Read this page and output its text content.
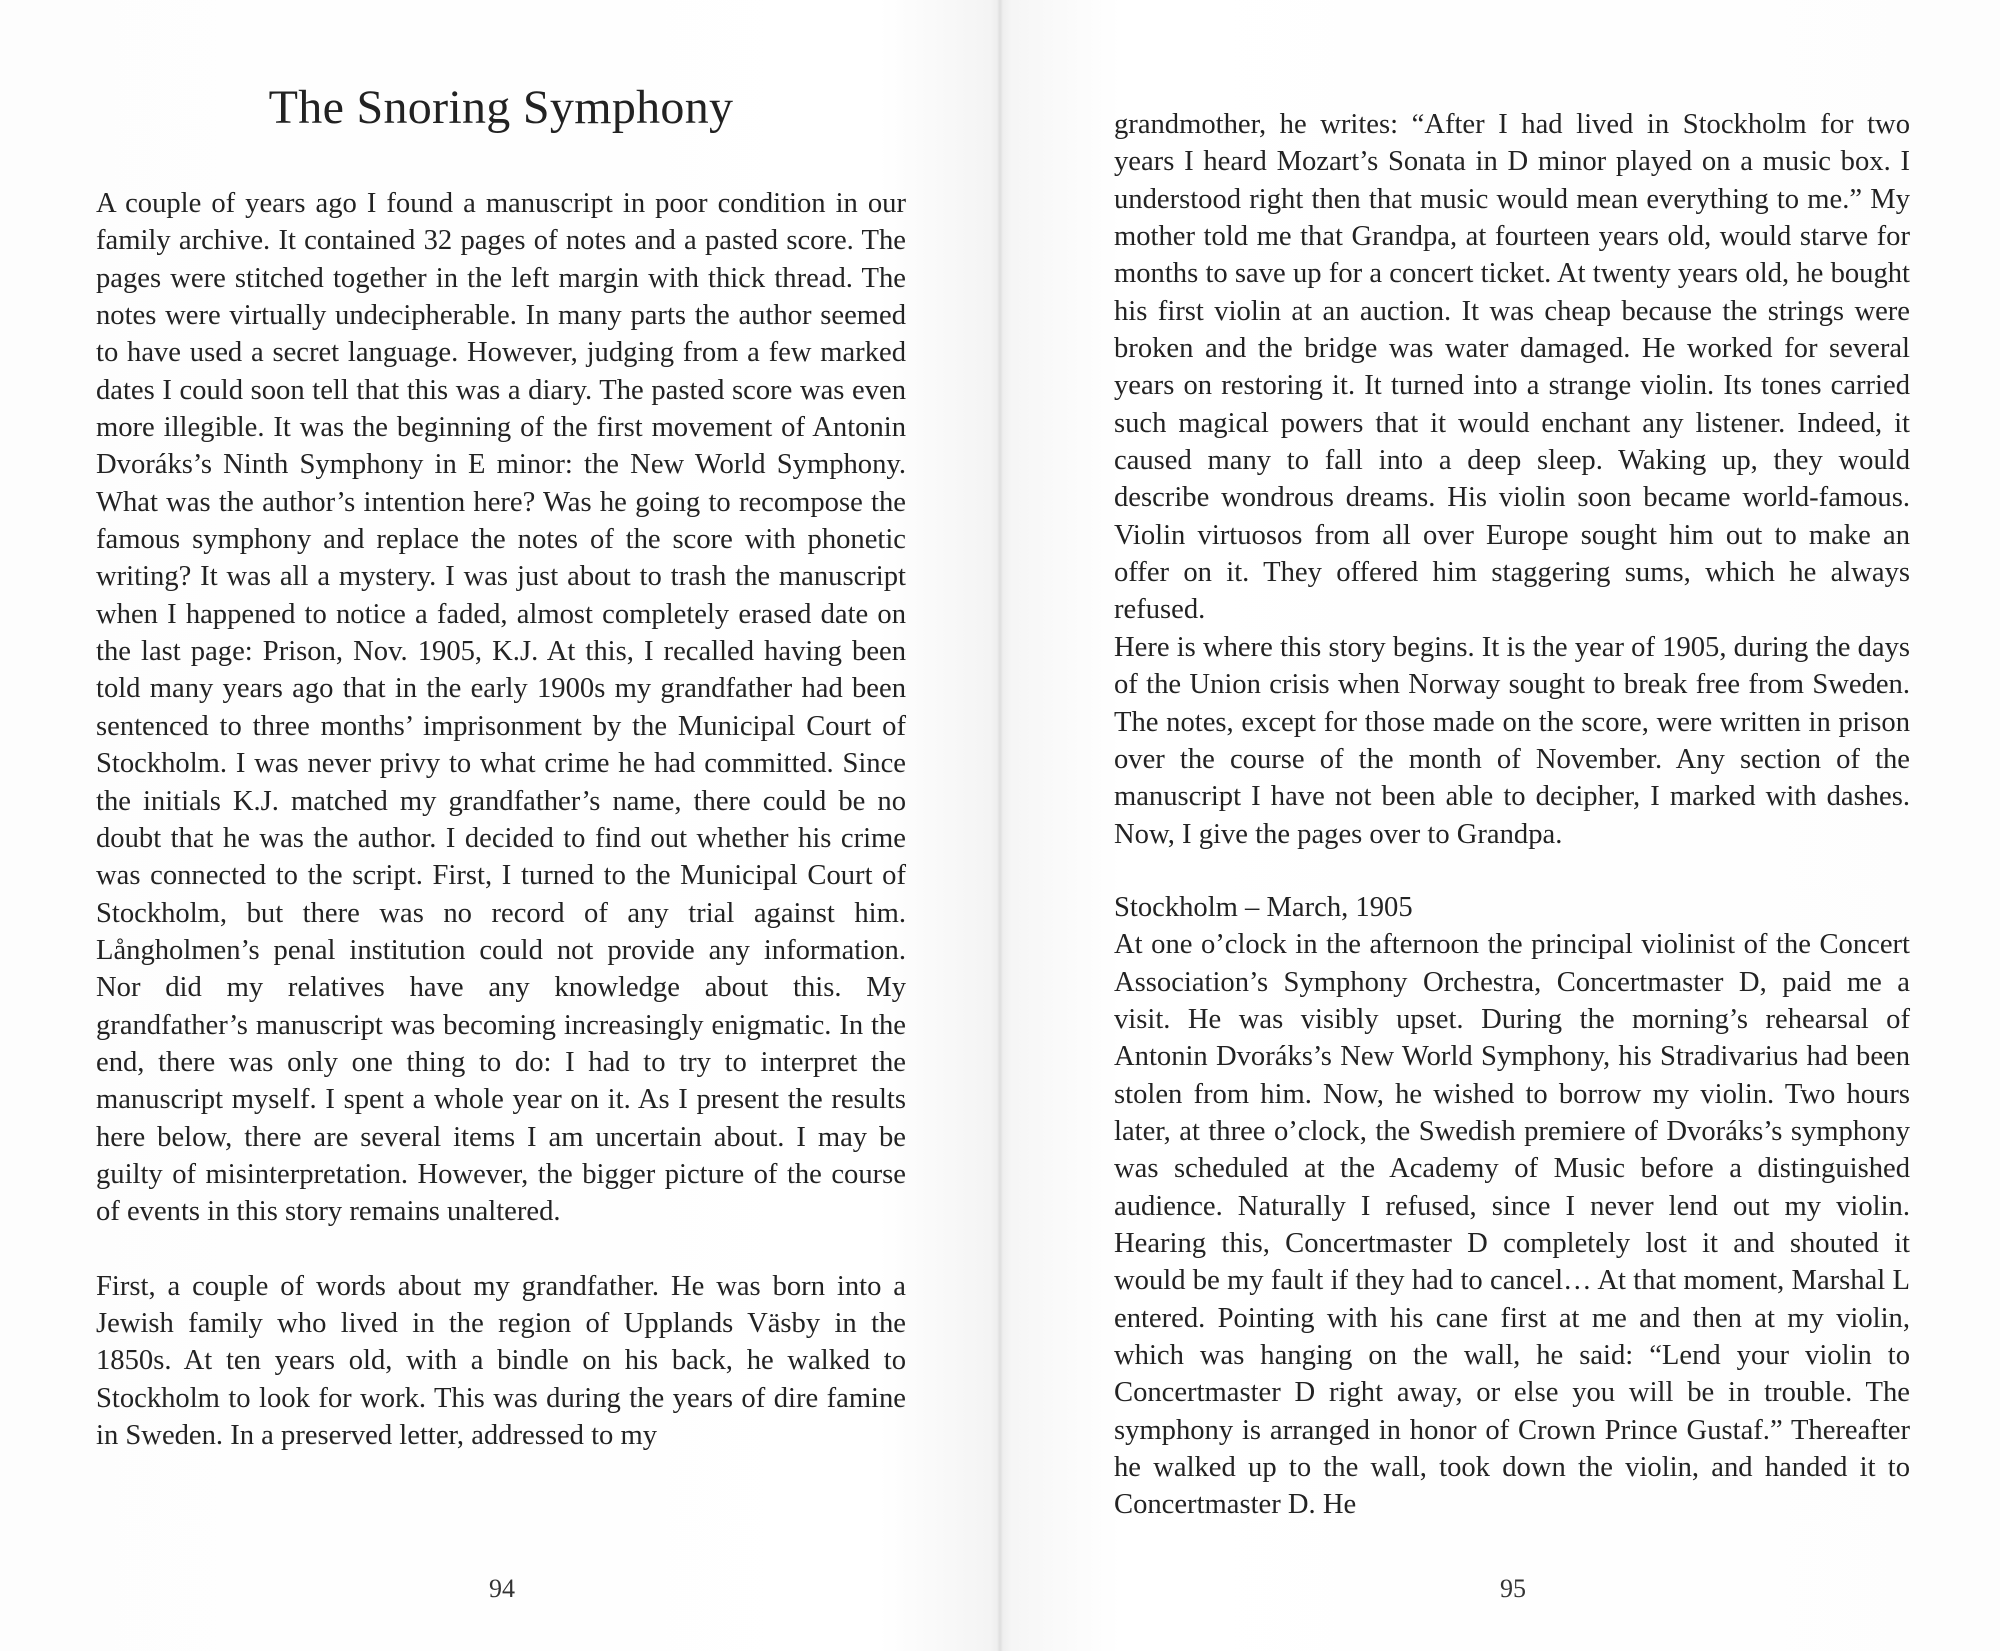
The Snoring Symphony

A couple of years ago I found a manuscript in poor condition in our family archive. It contained 32 pages of notes and a pasted score. The pages were stitched together in the left margin with thick thread. The notes were virtually undecipherable. In many parts the author seemed to have used a secret language. However, judging from a few marked dates I could soon tell that this was a diary. The pasted score was even more illegible. It was the beginning of the first movement of Antonin Dvoráks’s Ninth Symphony in E minor: the New World Symphony. What was the author’s intention here? Was he going to recompose the famous symphony and replace the notes of the score with phonetic writing? It was all a mystery. I was just about to trash the manuscript when I happened to notice a faded, almost completely erased date on the last page: Prison, Nov. 1905, K.J. At this, I recalled having been told many years ago that in the early 1900s my grandfather had been sentenced to three months’ imprisonment by the Municipal Court of Stockholm. I was never privy to what crime he had committed. Since the initials K.J. matched my grandfather’s name, there could be no doubt that he was the author. I decided to find out whether his crime was connected to the script. First, I turned to the Municipal Court of Stockholm, but there was no record of any trial against him. Långholmen’s penal institution could not provide any information. Nor did my relatives have any knowledge about this. My grandfather’s manuscript was becoming increasingly enigmatic. In the end, there was only one thing to do: I had to try to interpret the manuscript myself. I spent a whole year on it. As I present the results here below, there are several items I am uncertain about. I may be guilty of misinterpretation. However, the bigger picture of the course of events in this story remains unaltered.

First, a couple of words about my grandfather. He was born into a Jewish family who lived in the region of Upplands Väsby in the 1850s. At ten years old, with a bindle on his back, he walked to Stockholm to look for work. This was during the years of dire famine in Sweden. In a preserved letter, addressed to my

94

grandmother, he writes: “After I had lived in Stockholm for two years I heard Mozart’s Sonata in D minor played on a music box. I understood right then that music would mean everything to me.” My mother told me that Grandpa, at fourteen years old, would starve for months to save up for a concert ticket. At twenty years old, he bought his first violin at an auction. It was cheap because the strings were broken and the bridge was water damaged. He worked for several years on restoring it. It turned into a strange violin. Its tones carried such magical powers that it would enchant any listener. Indeed, it caused many to fall into a deep sleep. Waking up, they would describe wondrous dreams. His violin soon became world-famous. Violin virtuosos from all over Europe sought him out to make an offer on it. They offered him staggering sums, which he always refused.

Here is where this story begins. It is the year of 1905, during the days of the Union crisis when Norway sought to break free from Sweden. The notes, except for those made on the score, were written in prison over the course of the month of November. Any section of the manuscript I have not been able to decipher, I marked with dashes. Now, I give the pages over to Grandpa.

Stockholm – March, 1905

At one o’clock in the afternoon the principal violinist of the Concert Association’s Symphony Orchestra, Concertmaster D, paid me a visit. He was visibly upset. During the morning’s rehearsal of Antonin Dvoráks’s New World Symphony, his Stradivarius had been stolen from him. Now, he wished to borrow my violin. Two hours later, at three o’clock, the Swedish premiere of Dvoráks’s symphony was scheduled at the Academy of Music before a distinguished audience. Naturally I refused, since I never lend out my violin. Hearing this, Concertmaster D completely lost it and shouted it would be my fault if they had to cancel… At that moment, Marshal L entered. Pointing with his cane first at me and then at my violin, which was hanging on the wall, he said: “Lend your violin to Concertmaster D right away, or else you will be in trouble. The symphony is arranged in honor of Crown Prince Gustaf.” Thereafter he walked up to the wall, took down the violin, and handed it to Concertmaster D. He

95
